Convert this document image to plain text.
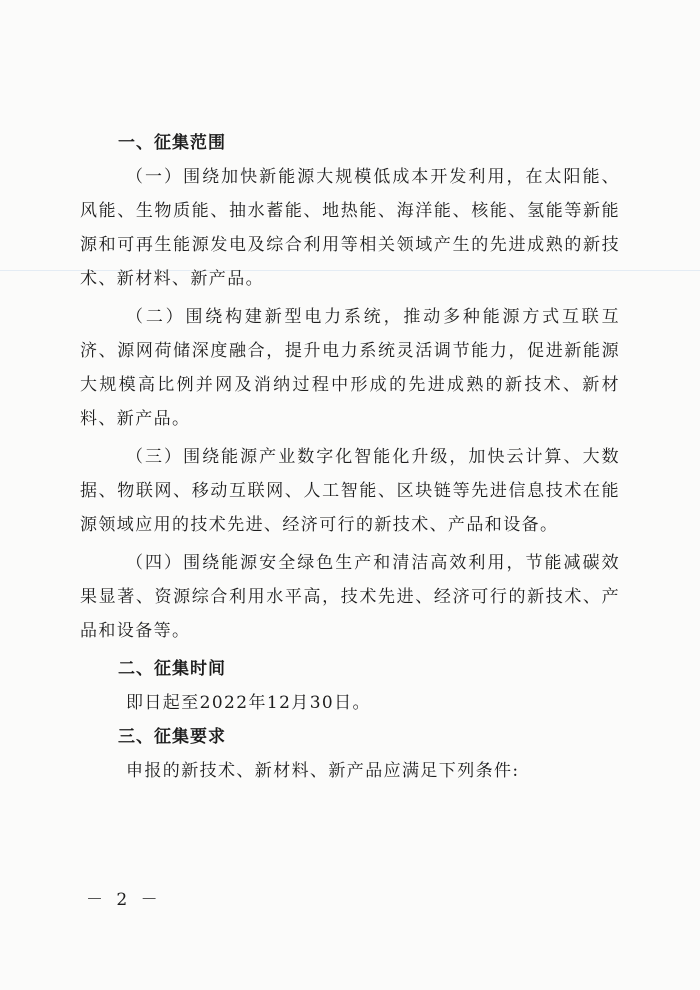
一、征集范围

（一）围绕加快新能源大规模低成本开发利用，在太阳能、风能、生物质能、抽水蓄能、地热能、海洋能、核能、氢能等新能源和可再生能源发电及综合利用等相关领域产生的先进成熟的新技术、新材料、新产品。

（二）围绕构建新型电力系统，推动多种能源方式互联互济、源网荷储深度融合，提升电力系统灵活调节能力，促进新能源大规模高比例并网及消纳过程中形成的先进成熟的新技术、新材料、新产品。

（三）围绕能源产业数字化智能化升级，加快云计算、大数据、物联网、移动互联网、人工智能、区块链等先进信息技术在能源领域应用的技术先进、经济可行的新技术、产品和设备。

（四）围绕能源安全绿色生产和清洁高效利用，节能减碳效果显著、资源综合利用水平高，技术先进、经济可行的新技术、产品和设备等。

二、征集时间

即日起至2022年12月30日。

三、征集要求

申报的新技术、新材料、新产品应满足下列条件:

－ 2 －
